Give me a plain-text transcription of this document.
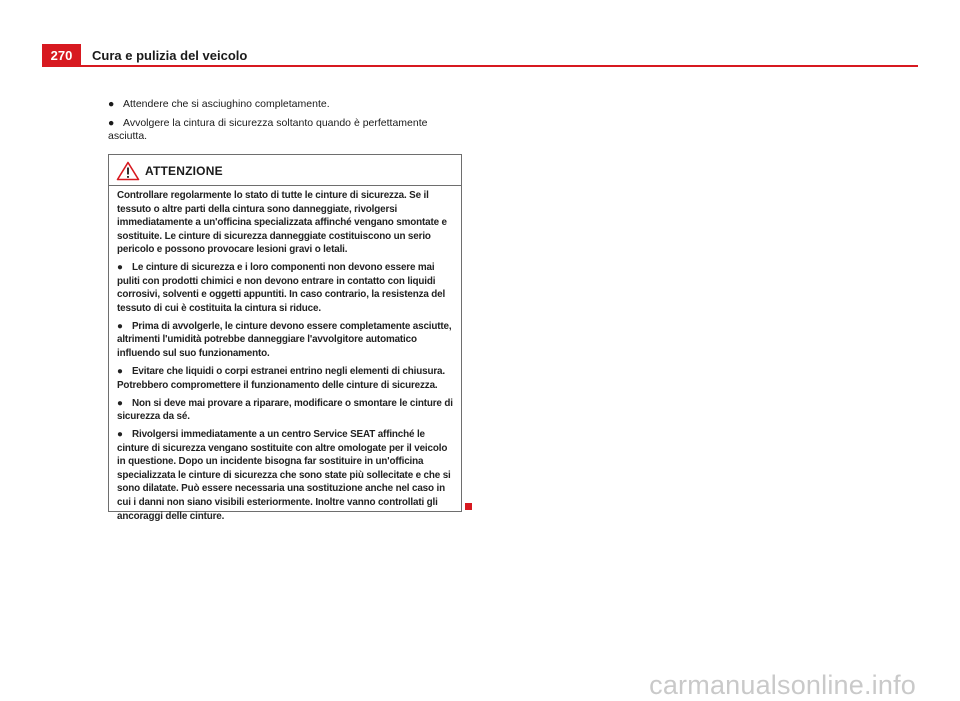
270 Cura e pulizia del veicolo

● Attendere che si asciughino completamente.

● Avvolgere la cintura di sicurezza soltanto quando è perfettamente asciutta.

ATTENZIONE

Controllare regolarmente lo stato di tutte le cinture di sicurezza. Se il tessuto o altre parti della cintura sono danneggiate, rivolgersi immediatamente a un'officina specializzata affinché vengano smontate e sostituite. Le cinture di sicurezza danneggiate costituiscono un serio pericolo e possono provocare lesioni gravi o letali.

● Le cinture di sicurezza e i loro componenti non devono essere mai puliti con prodotti chimici e non devono entrare in contatto con liquidi corrosivi, solventi e oggetti appuntiti. In caso contrario, la resistenza del tessuto di cui è costituita la cintura si riduce.

● Prima di avvolgerle, le cinture devono essere completamente asciutte, altrimenti l'umidità potrebbe danneggiare l'avvolgitore automatico influendo sul suo funzionamento.

● Evitare che liquidi o corpi estranei entrino negli elementi di chiusura. Potrebbero compromettere il funzionamento delle cinture di sicurezza.

● Non si deve mai provare a riparare, modificare o smontare le cinture di sicurezza da sé.

● Rivolgersi immediatamente a un centro Service SEAT affinché le cinture di sicurezza vengano sostituite con altre omologate per il veicolo in questione. Dopo un incidente bisogna far sostituire in un'officina specializzata le cinture di sicurezza che sono state più sollecitate e che si sono dilatate. Può essere necessaria una sostituzione anche nel caso in cui i danni non siano visibili esteriormente. Inoltre vanno controllati gli ancoraggi delle cinture.

carmanualsonline.info
